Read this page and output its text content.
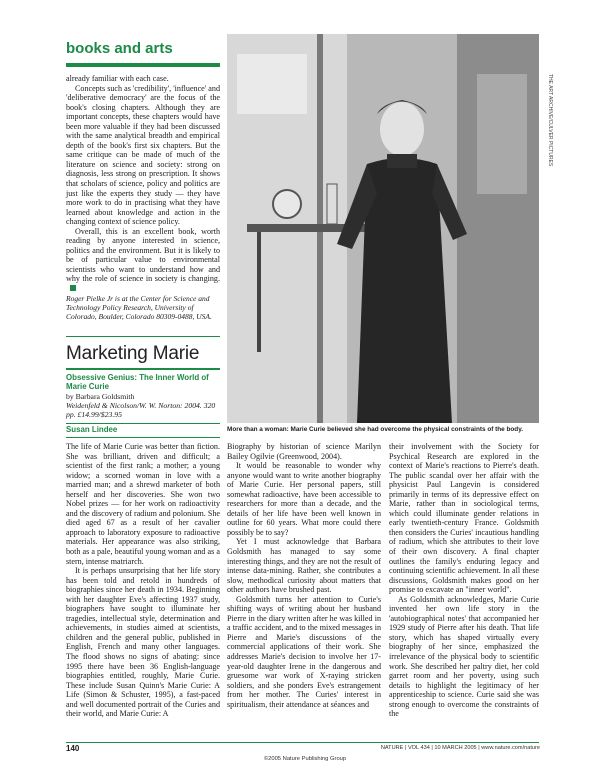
books and arts

already familiar with each case.

Concepts such as 'credibility', 'influence' and 'deliberative democracy' are the focus of the book's closing chapters. Although they are important concepts, these chapters would have been more valuable if they had been discussed with the same analytical breadth and empirical depth of the book's first six chapters. But the same critique can be made of much of the literature on science and society: strong on diagnosis, less strong on prescription. It shows that scholars of science, policy and politics are just like the experts they study — they have more work to do in practising what they have learned about knowledge and action in the changing context of science policy.

Overall, this is an excellent book, worth reading by anyone interested in science, politics and the environment. But it is likely to be of particular value to environmental scientists who want to understand how and why the role of science in society is changing.

Roger Pielke Jr is at the Center for Science and Technology Policy Research, University of Colorado, Boulder, Colorado 80309-0488, USA.

Marketing Marie
Obsessive Genius: The Inner World of Marie Curie
by Barbara Goldsmith
Weidenfeld & Nicolson/W. W. Norton: 2004. 320 pp. £14.99/$23.95
Susan Lindee

The life of Marie Curie was better than fiction. She was brilliant, driven and difficult; a scientist of the first rank; a mother; a young widow; a scorned woman in love with a married man; and a shrewd marketer of both herself and her discoveries. She won two Nobel prizes — for her work on radioactivity and the discovery of radium and polonium. She died aged 67 as a result of her cavalier approach to laboratory exposure to radioactive materials. Her appearance was also striking, both as a pale, beautiful young woman and as a stern, intense matriarch.

It is perhaps unsurprising that her life story has been told and retold in hundreds of biographies since her death in 1934. Beginning with her daughter Eve's affecting 1937 study, biographers have sought to illuminate her tragedies, intellectual style, determination and achievements, in studies aimed at scientists, children and the general public, published in English, French and many other languages. The flood shows no signs of abating: since 1995 there have been 36 English-language biographies entitled, roughly, Marie Curie. These include Susan Quinn's Marie Curie: A Life (Simon & Schuster, 1995), a fast-paced and well documented portrait of the Curies and their world, and Marie Curie: A

Biography by historian of science Marilyn Bailey Ogilvie (Greenwood, 2004).

It would be reasonable to wonder why anyone would want to write another biography of Marie Curie. Her personal papers, still somewhat radioactive, have been accessible to researchers for more than a decade, and the details of her life have been well known in outline for 60 years. What more could there possibly be to say?

Yet I must acknowledge that Barbara Goldsmith has managed to say some interesting things, and they are not the result of intense data-mining. Rather, she contributes a slow, methodical curiosity about matters that other authors have brushed past.

Goldsmith turns her attention to Curie's shifting ways of writing about her husband Pierre in the diary written after he was killed in a traffic accident, and to the mixed messages in Pierre and Marie's discussions of the commercial applications of their work. She addresses Marie's decision to involve her 17-year-old daughter Irene in the dangerous and gruesome war work of X-raying stricken soldiers, and she ponders Eve's estrangement from her mother. The Curies' interest in spiritualism, their attendance at séances and

their involvement with the Society for Psychical Research are explored in the context of Marie's reactions to Pierre's death. The public scandal over her affair with the physicist Paul Langevin is considered primarily in terms of its depressive effect on Marie, rather than in sociological terms, which could illuminate gender relations in early twentieth-century France. Goldsmith then considers the Curies' incautious handling of radium, which she attributes to their love of their own discovery. A final chapter outlines the family's enduring legacy and continuing scientific achievement. In all these discussions, Goldsmith makes good on her promise to excavate an "inner world".

As Goldsmith acknowledges, Marie Curie invented her own life story in the 'autobiographical notes' that accompanied her 1929 study of Pierre after his death. That life story, which has shaped virtually every biography of her since, emphasized the irrelevance of the physical body to scientific work. She described her paltry diet, her cold garret room and her poverty, using such details to highlight the legitimacy of her apprenticeship to science. Curie said she was strong enough to overcome the constraints of the

THE ART ARCHIVE/CULVER PICTURES
More than a woman: Marie Curie believed she had overcome the physical constraints of the body.
140	NATURE | VOL 434 | 10 MARCH 2005 | www.nature.com/nature
©2005 Nature Publishing Group
